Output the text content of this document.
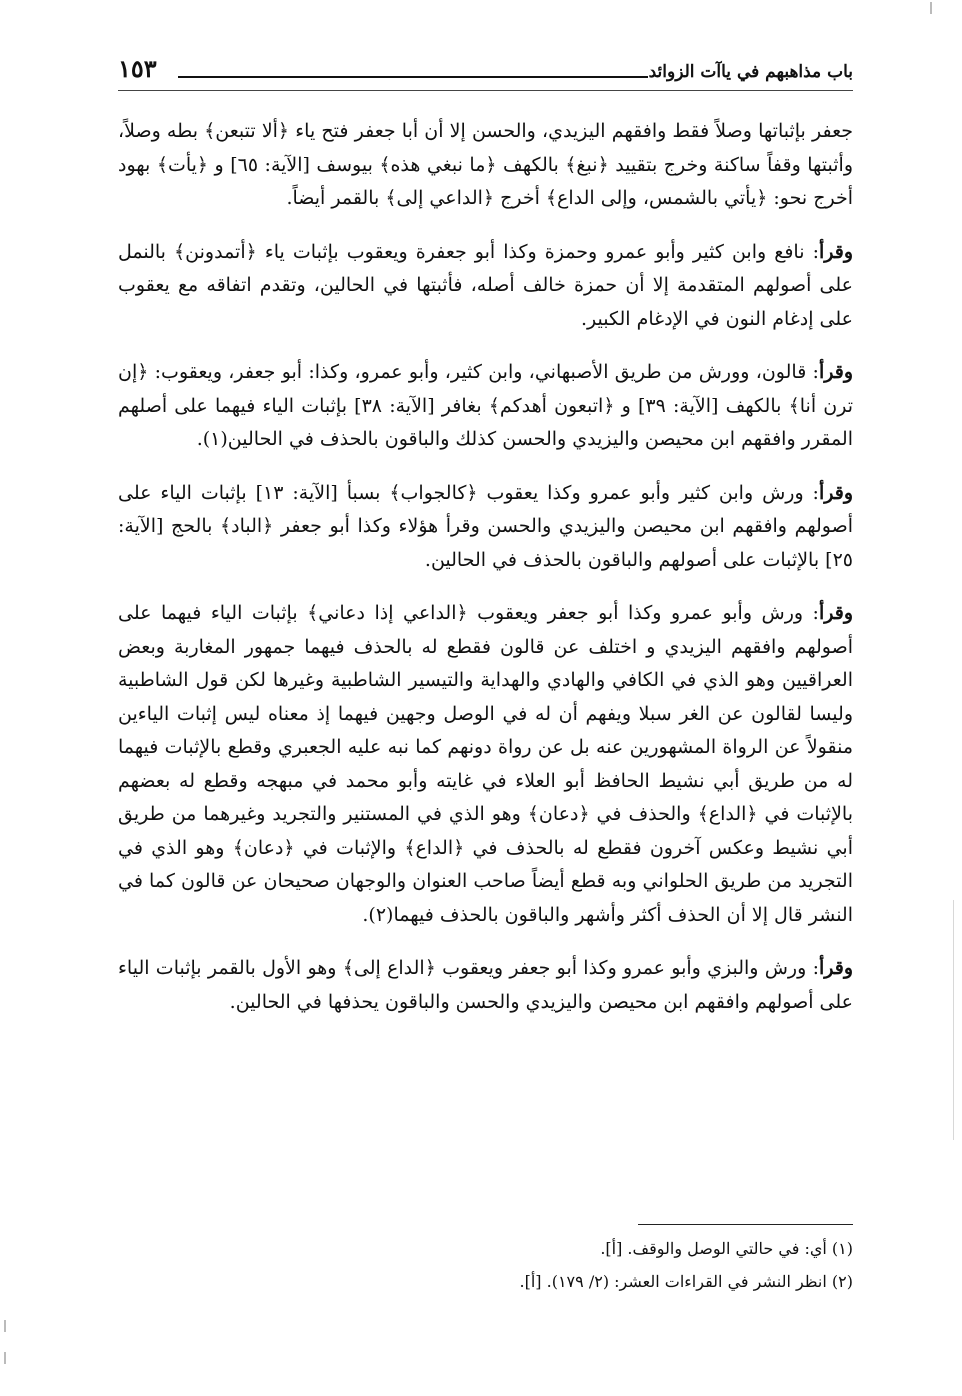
باب مذاهبهم في ياآت الزوائد
١٥٣

جعفر بإثباتها وصلاً فقط وافقهم اليزيدي، والحسن إلا أن أبا جعفر فتح ياء ﴿ألا تتبعن﴾ بطه وصلاً، وأثبتها وقفاً ساكنة وخرج بتقييد ﴿نبغ﴾ بالكهف ﴿ما نبغي هذه﴾ بيوسف [الآية: ٦٥] و ﴿يأت﴾ بهود أخرج نحو: ﴿يأتي بالشمس، وإلى الداع﴾ أخرج ﴿الداعي إلى﴾ بالقمر أيضاً.

وقرأ: نافع وابن كثير وأبو عمرو وحمزة وكذا أبو جعفرة ويعقوب بإثبات ياء ﴿أتمدونن﴾ بالنمل على أصولهم المتقدمة إلا أن حمزة خالف أصله، فأثبتها في الحالين، وتقدم اتفاقه مع يعقوب على إدغام النون في الإدغام الكبير.

وقرأ: قالون، وورش من طريق الأصبهاني، وابن كثير، وأبو عمرو، وكذا: أبو جعفر، ويعقوب: ﴿إن ترن أنا﴾ بالكهف [الآية: ٣٩] و ﴿اتبعون أهدكم﴾ بغافر [الآية: ٣٨] بإثبات الياء فيهما على أصلهم المقرر وافقهم ابن محيصن واليزيدي والحسن كذلك والباقون بالحذف في الحالين(١).

وقرأ: ورش وابن كثير وأبو عمرو وكذا يعقوب ﴿كالجواب﴾ بسبأ [الآية: ١٣] بإثبات الياء على أصولهم وافقهم ابن محيصن واليزيدي والحسن وقرأ هؤلاء وكذا أبو جعفر ﴿الباد﴾ بالحج [الآية: ٢٥] بالإثبات على أصولهم والباقون بالحذف في الحالين.

وقرأ: ورش وأبو عمرو وكذا أبو جعفر ويعقوب ﴿الداعي إذا دعاني﴾ بإثبات الياء فيهما على أصولهم وافقهم اليزيدي و اختلف عن قالون فقطع له بالحذف فيهما جمهور المغاربة وبعض العراقيين وهو الذي في الكافي والهادي والهداية والتيسير الشاطبية وغيرها لكن قول الشاطبية وليسا لقالون عن الغر سبلا ويفهم أن له في الوصل وجهين فيهما إذ معناه ليس إثبات الياءين منقولاً عن الرواة المشهورين عنه بل عن رواة دونهم كما نبه عليه الجعبري وقطع بالإثبات فيهما له من طريق أبي نشيط الحافظ أبو العلاء في غايته وأبو محمد في مبهجه وقطع له بعضهم بالإثبات في ﴿الداع﴾ والحذف في ﴿دعان﴾ وهو الذي في المستنير والتجريد وغيرهما من طريق أبي نشيط وعكس آخرون فقطع له بالحذف في ﴿الداع﴾ والإثبات في ﴿دعان﴾ وهو الذي في التجريد من طريق الحلواني وبه قطع أيضاً صاحب العنوان والوجهان صحيحان عن قالون كما في النشر قال إلا أن الحذف أكثر وأشهر والباقون بالحذف فيهما(٢).

وقرأ: ورش والبزي وأبو عمرو وكذا أبو جعفر ويعقوب ﴿الداع إلى﴾ وهو الأول بالقمر بإثبات الياء على أصولهم وافقهم ابن محيصن واليزيدي والحسن والباقون يحذفها في الحالين.

(١) أي: في حالتي الوصل والوقف. [أ].
(٢) انظر النشر في القراءات العشر: (٢/ ١٧٩). [أ].
